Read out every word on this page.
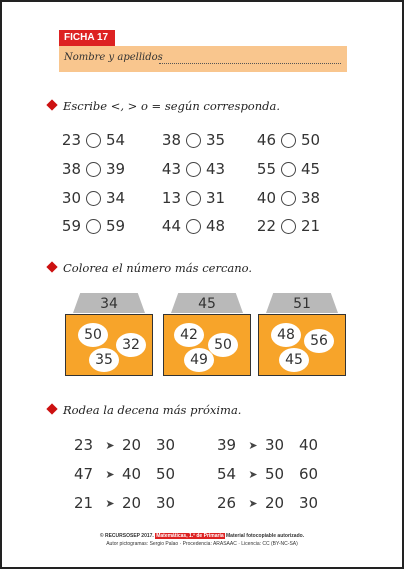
FICHA 17
Nombre y apellidos
Escribe <, > o = según corresponda.
23 54	38 35	46 50
38 39	43 43	55 45
30 34	13 31	40 38
59 59	44 48	22 21
Colorea el número más cercano.
34
50
32
35
45
42
50
49
51
48	56
45
Rodea la decena más próxima.
23	➤ 20 30	39	➤ 30 40
47	➤ 40 50	54	➤ 50 60
21	➤ 20 30	26	➤ 20 30
© RECURSOSEP 2017. Matemáticas, 1.º de Primaria Material fotocopiable autorizado.
Autor pictogramas: Sergio Palao · Procedencia: ARASAAC · Licencia: CC (BY-NC-SA)
